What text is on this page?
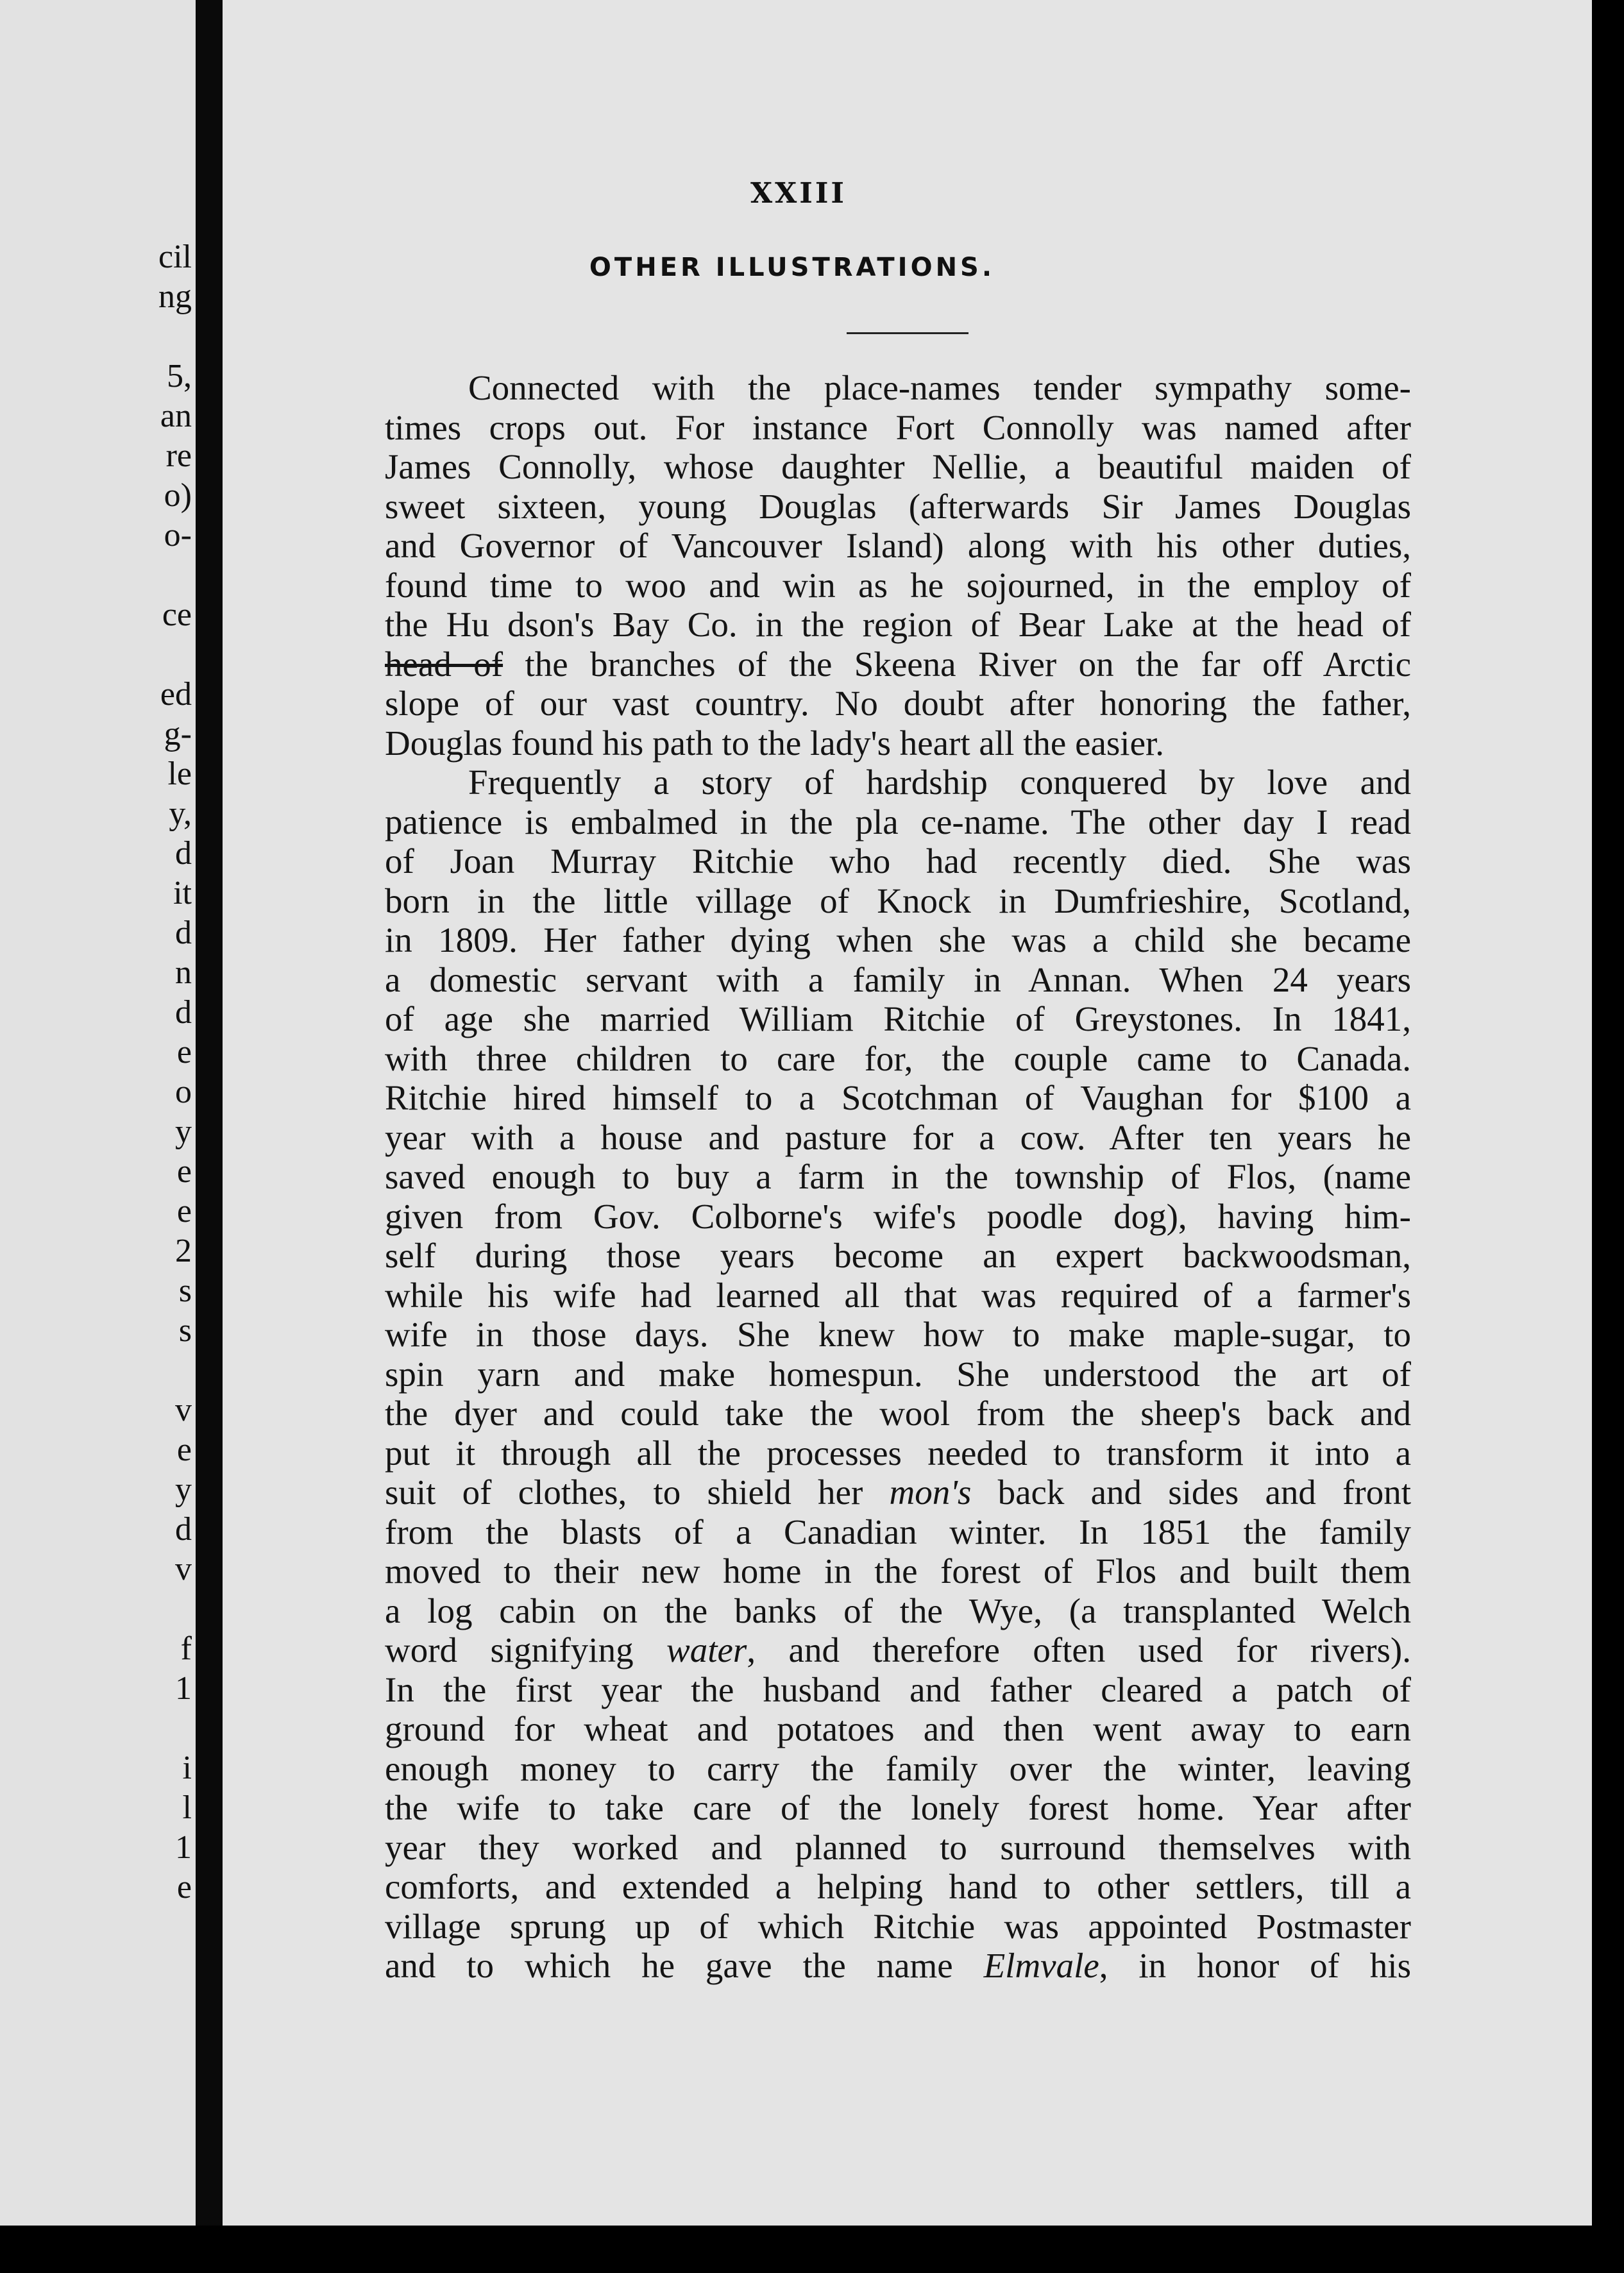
cil
ng
5,
an
re
o)
o-
ce
ed
g-
le
y,
d
it
d
n
d
e
o
y
e
e
2
s
s
v
e
y
d
v
f
1
i
l
1
e
XXIII
OTHER ILLUSTRATIONS.
Connected with the place-names tender sympathy some-
times crops out. For instance Fort Connolly was named after
James Connolly, whose daughter Nellie, a beautiful maiden of
sweet sixteen, young Douglas (afterwards Sir James Douglas
and Governor of Vancouver Island) along with his other duties,
found time to woo and win as he sojourned, in the employ of
the Hu dson's Bay Co. in the region of Bear Lake at the head of
head of the branches of the Skeena River on the far off Arctic
slope of our vast country. No doubt after honoring the father,
Douglas found his path to the lady's heart all the easier.
Frequently a story of hardship conquered by love and
patience is embalmed in the pla ce-name. The other day I read
of Joan Murray Ritchie who had recently died. She was
born in the little village of Knock in Dumfrieshire, Scotland,
in 1809. Her father dying when she was a child she became
a domestic servant with a family in Annan. When 24 years
of age she married William Ritchie of Greystones. In 1841,
with three children to care for, the couple came to Canada.
Ritchie hired himself to a Scotchman of Vaughan for $100 a
year with a house and pasture for a cow. After ten years he
saved enough to buy a farm in the township of Flos, (name
given from Gov. Colborne's wife's poodle dog), having him-
self during those years become an expert backwoodsman,
while his wife had learned all that was required of a farmer's
wife in those days. She knew how to make maple-sugar, to
spin yarn and make homespun. She understood the art of
the dyer and could take the wool from the sheep's back and
put it through all the processes needed to transform it into a
suit of clothes, to shield her mon's back and sides and front
from the blasts of a Canadian winter. In 1851 the family
moved to their new home in the forest of Flos and built them
a log cabin on the banks of the Wye, (a transplanted Welch
word signifying water, and therefore often used for rivers).
In the first year the husband and father cleared a patch of
ground for wheat and potatoes and then went away to earn
enough money to carry the family over the winter, leaving
the wife to take care of the lonely forest home. Year after
year they worked and planned to surround themselves with
comforts, and extended a helping hand to other settlers, till a
village sprung up of which Ritchie was appointed Postmaster
and to which he gave the name Elmvale, in honor of his
